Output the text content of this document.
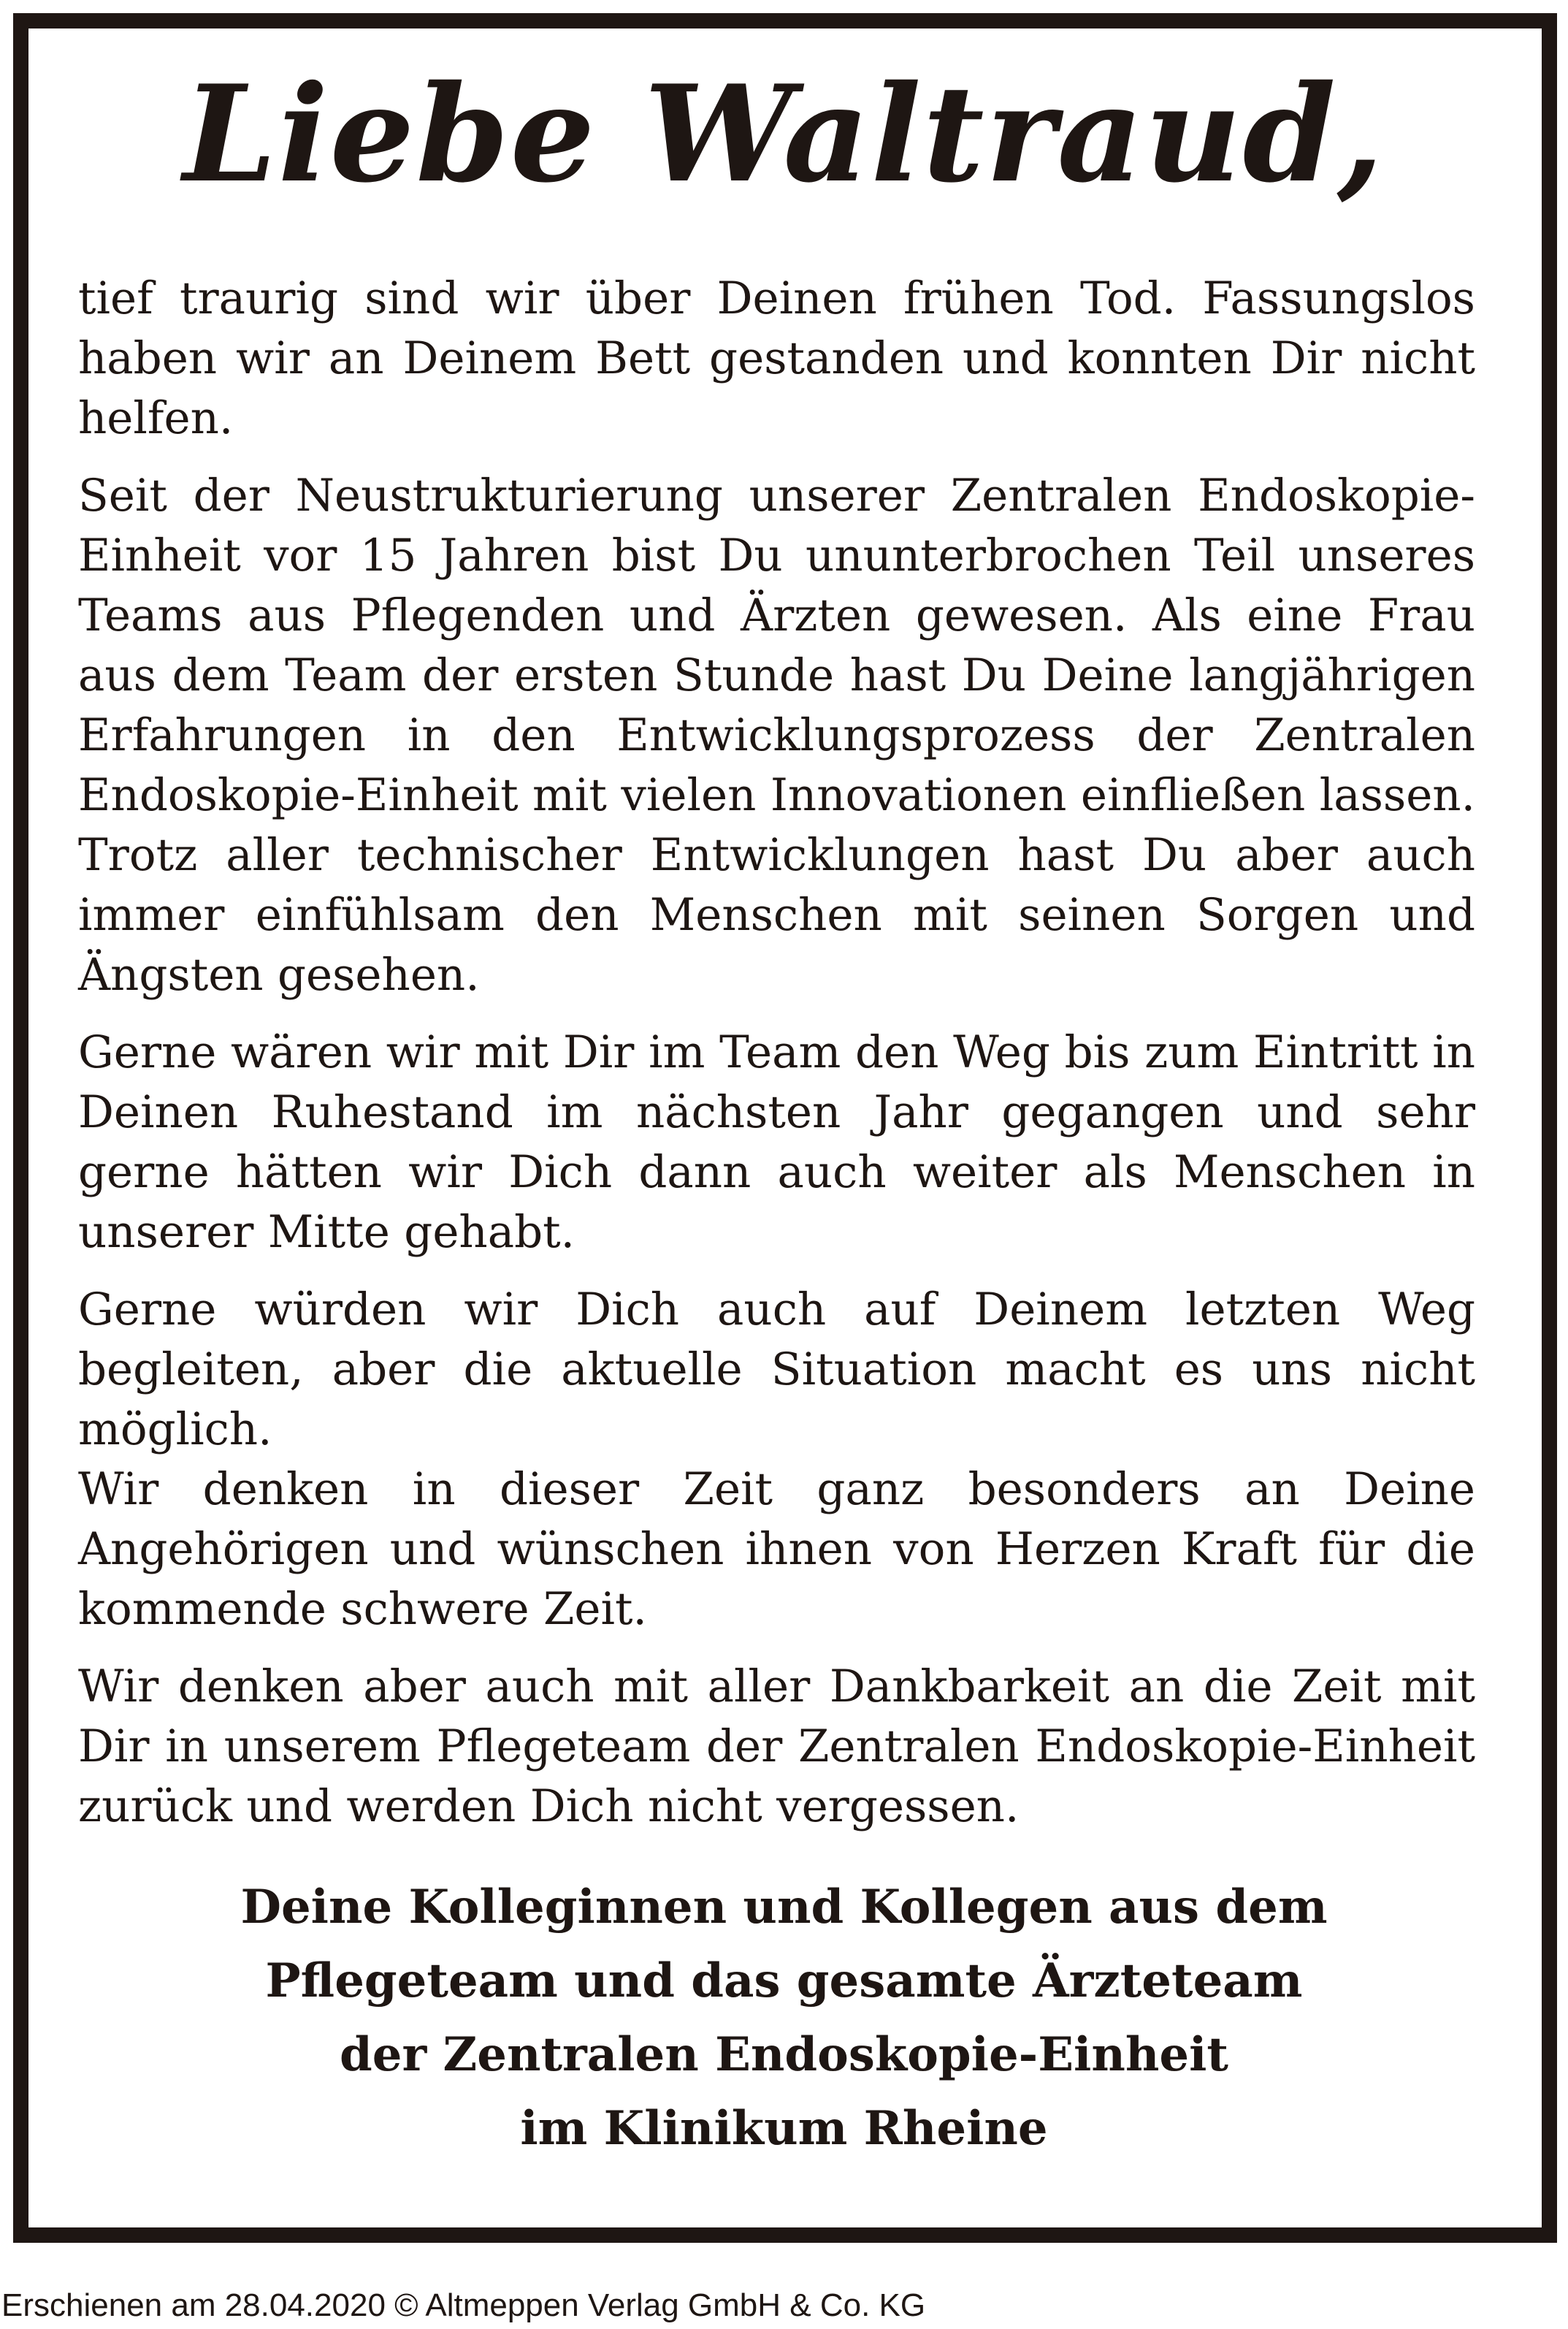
Liebe Waltraud,

tief traurig sind wir über Deinen frühen Tod. Fassungslos haben wir an Deinem Bett gestanden und konnten Dir nicht helfen.

Seit der Neustrukturierung unserer Zentralen Endoskopie-Einheit vor 15 Jahren bist Du ununterbrochen Teil unseres Teams aus Pflegenden und Ärzten gewesen. Als eine Frau aus dem Team der ersten Stunde hast Du Deine langjährigen Erfahrungen in den Entwicklungsprozess der Zentralen Endoskopie-Einheit mit vielen Innovationen einfließen lassen. Trotz aller technischer Entwicklungen hast Du aber auch immer einfühlsam den Menschen mit seinen Sorgen und Ängsten gesehen.

Gerne wären wir mit Dir im Team den Weg bis zum Eintritt in Deinen Ruhestand im nächsten Jahr gegangen und sehr gerne hätten wir Dich dann auch weiter als Menschen in unserer Mitte gehabt.

Gerne würden wir Dich auch auf Deinem letzten Weg begleiten, aber die aktuelle Situation macht es uns nicht möglich.

Wir denken in dieser Zeit ganz besonders an Deine Angehörigen und wünschen ihnen von Herzen Kraft für die kommende schwere Zeit.

Wir denken aber auch mit aller Dankbarkeit an die Zeit mit Dir in unserem Pflegeteam der Zentralen Endoskopie-Einheit zurück und werden Dich nicht vergessen.

Deine Kolleginnen und Kollegen aus dem
Pflegeteam und das gesamte Ärzteteam
der Zentralen Endoskopie-Einheit
im Klinikum Rheine
Erschienen am 28.04.2020 © Altmeppen Verlag GmbH & Co. KG
